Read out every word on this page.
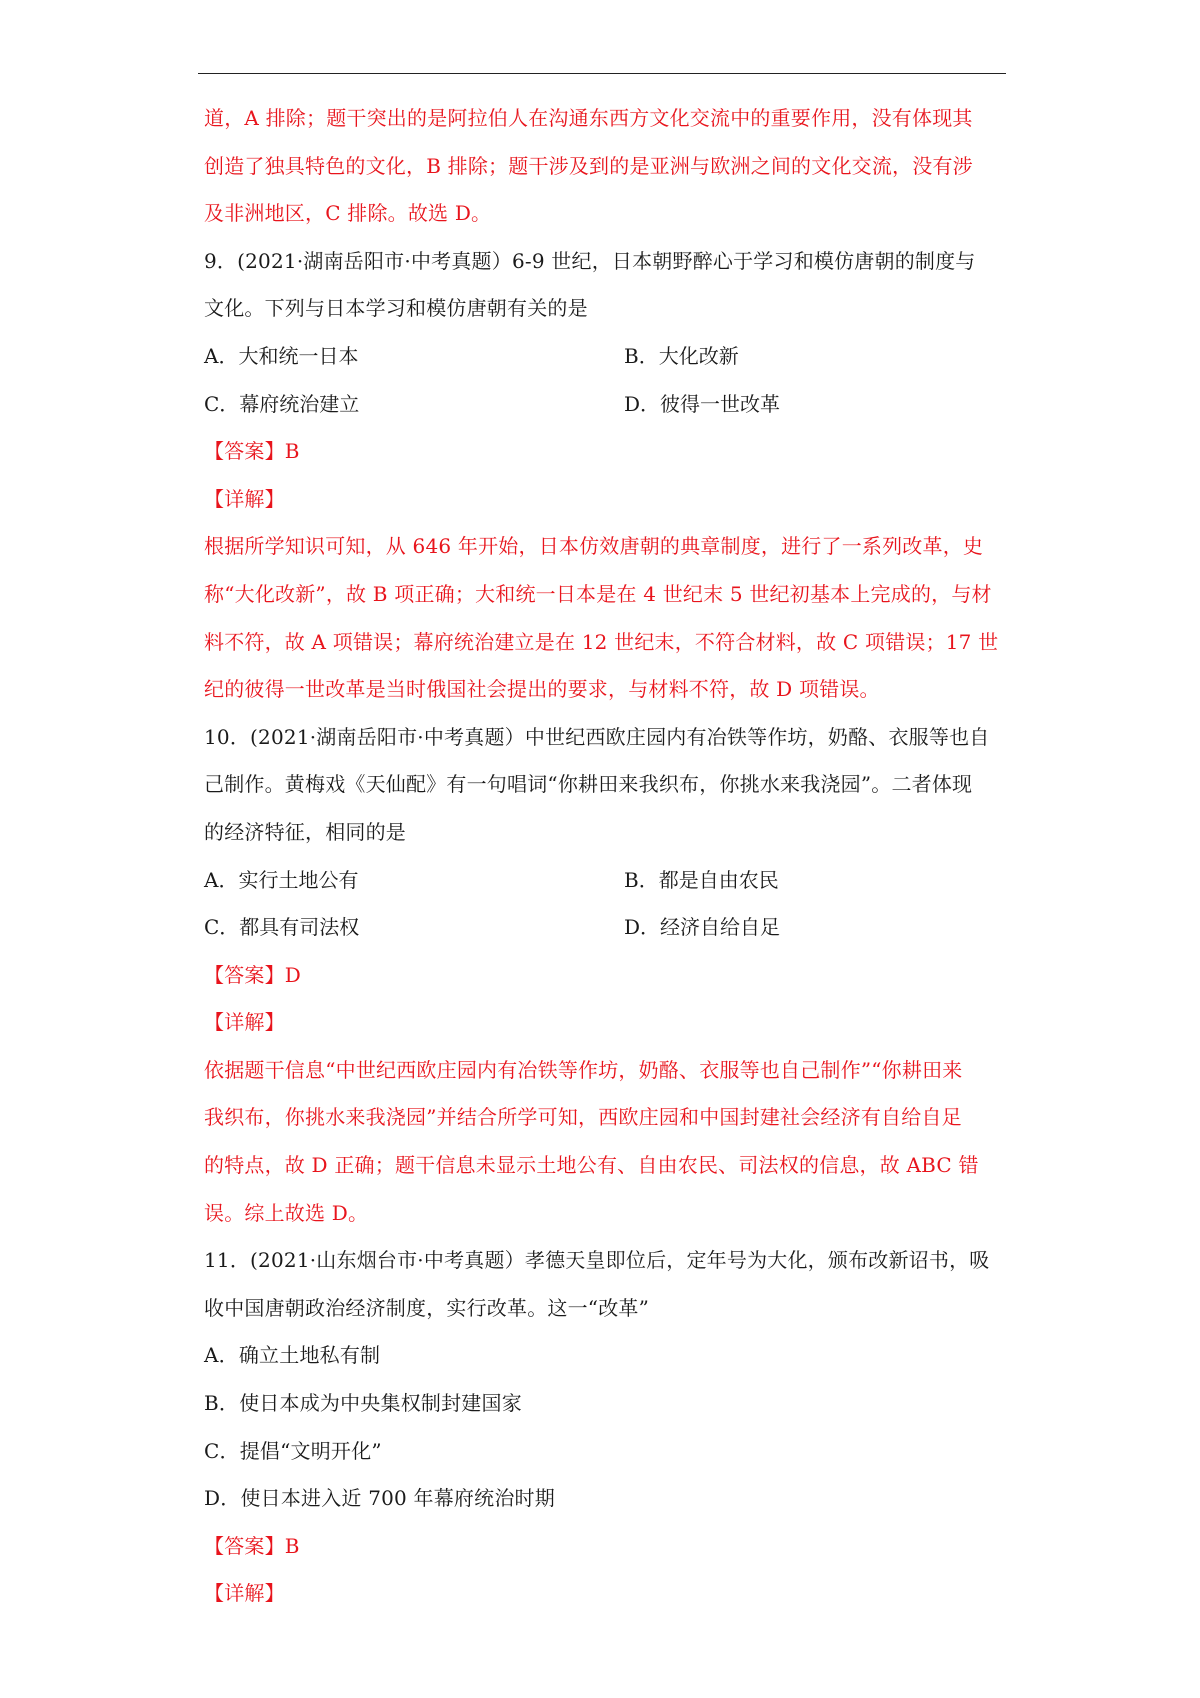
道，A 排除；题干突出的是阿拉伯人在沟通东西方文化交流中的重要作用，没有体现其
创造了独具特色的文化，B 排除；题干涉及到的是亚洲与欧洲之间的文化交流，没有涉
及非洲地区，C 排除。故选 D。
9．(2021·湖南岳阳市·中考真题）6-9 世纪，日本朝野醉心于学习和模仿唐朝的制度与
文化。下列与日本学习和模仿唐朝有关的是
A．大和统一日本	B．大化改新
C．幕府统治建立	D．彼得一世改革
【答案】B
【详解】
根据所学知识可知，从 646 年开始，日本仿效唐朝的典章制度，进行了一系列改革，史
称“大化改新”，故 B 项正确；大和统一日本是在 4 世纪末 5 世纪初基本上完成的，与材
料不符，故 A 项错误；幕府统治建立是在 12 世纪末，不符合材料，故 C 项错误；17 世
纪的彼得一世改革是当时俄国社会提出的要求，与材料不符，故 D 项错误。
10．(2021·湖南岳阳市·中考真题）中世纪西欧庄园内有冶铁等作坊，奶酪、衣服等也自
己制作。黄梅戏《天仙配》有一句唱词“你耕田来我织布，你挑水来我浇园”。二者体现
的经济特征，相同的是
A．实行土地公有	B．都是自由农民
C．都具有司法权	D．经济自给自足
【答案】D
【详解】
依据题干信息“中世纪西欧庄园内有冶铁等作坊，奶酪、衣服等也自己制作”“你耕田来
我织布，你挑水来我浇园”并结合所学可知，西欧庄园和中国封建社会经济有自给自足
的特点，故 D 正确；题干信息未显示土地公有、自由农民、司法权的信息，故 ABC 错
误。综上故选 D。
11．(2021·山东烟台市·中考真题）孝德天皇即位后，定年号为大化，颁布改新诏书，吸
收中国唐朝政治经济制度，实行改革。这一“改革”
A．确立土地私有制
B．使日本成为中央集权制封建国家
C．提倡“文明开化”
D．使日本进入近 700 年幕府统治时期
【答案】B
【详解】
